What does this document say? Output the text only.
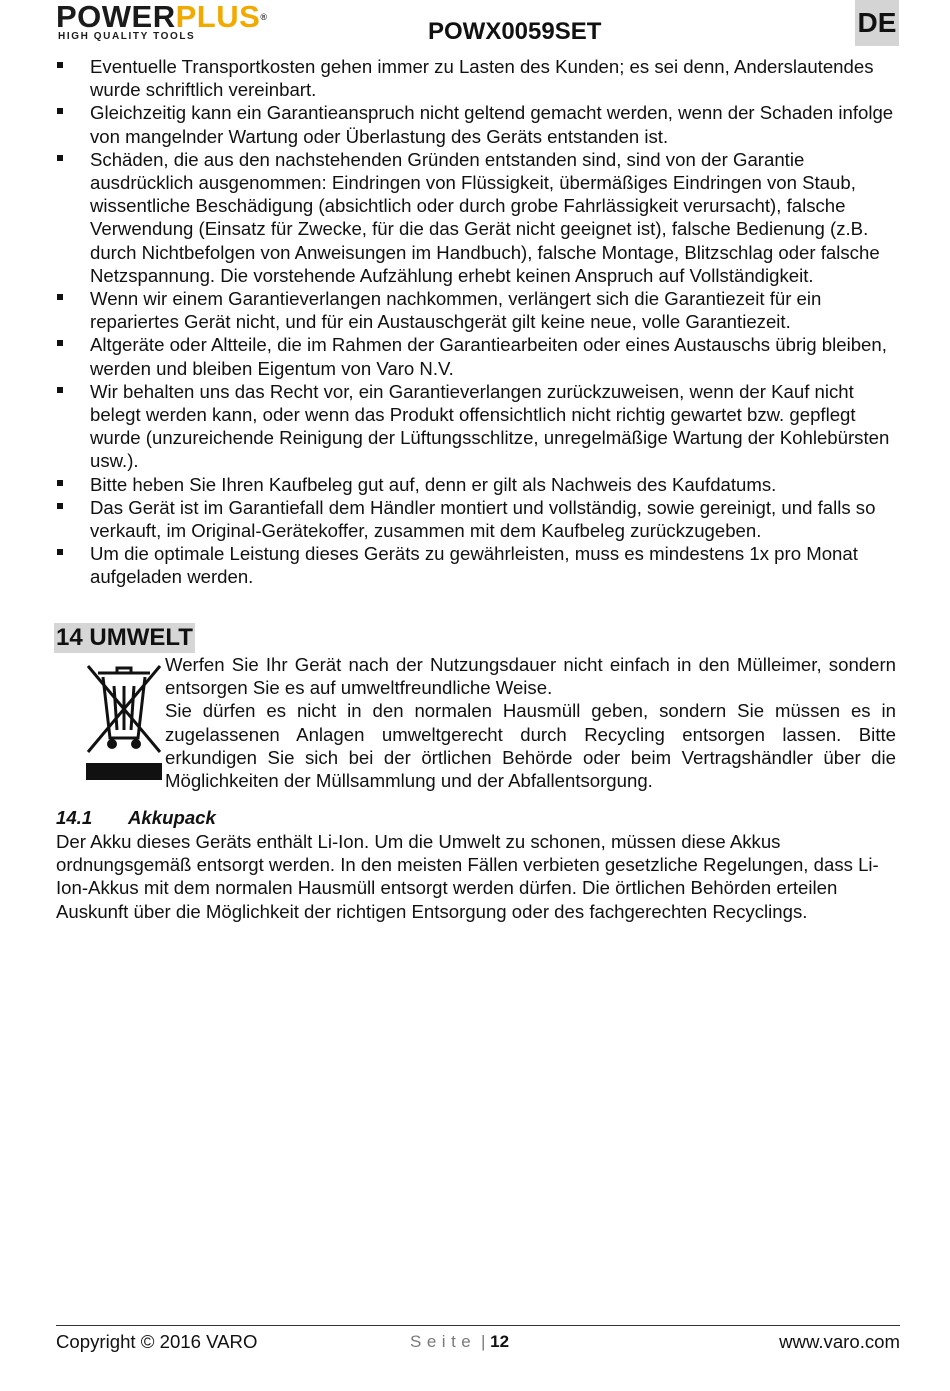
POWERPLUS®
HIGH QUALITY TOOLS	POWX0059SET	DE
Eventuelle Transportkosten gehen immer zu Lasten des Kunden; es sei denn, Anderslautendes wurde schriftlich vereinbart.
Gleichzeitig kann ein Garantieanspruch nicht geltend gemacht werden, wenn der Schaden infolge von mangelnder Wartung oder Überlastung des Geräts entstanden ist.
Schäden, die aus den nachstehenden Gründen entstanden sind, sind von der Garantie ausdrücklich ausgenommen: Eindringen von Flüssigkeit, übermäßiges Eindringen von Staub, wissentliche Beschädigung (absichtlich oder durch grobe Fahrlässigkeit verursacht), falsche Verwendung (Einsatz für Zwecke, für die das Gerät nicht geeignet ist), falsche Bedienung (z.B. durch Nichtbefolgen von Anweisungen im Handbuch), falsche Montage, Blitzschlag oder falsche Netzspannung. Die vorstehende Aufzählung erhebt keinen Anspruch auf Vollständigkeit.
Wenn wir einem Garantieverlangen nachkommen, verlängert sich die Garantiezeit für ein repariertes Gerät nicht, und für ein Austauschgerät gilt keine neue, volle Garantiezeit.
Altgeräte oder Altteile, die im Rahmen der Garantiearbeiten oder eines Austauschs übrig bleiben, werden und bleiben Eigentum von Varo N.V.
Wir behalten uns das Recht vor, ein Garantieverlangen zurückzuweisen, wenn der Kauf nicht belegt werden kann, oder wenn das Produkt offensichtlich nicht richtig gewartet bzw. gepflegt wurde (unzureichende Reinigung der Lüftungsschlitze, unregelmäßige Wartung der Kohlebürsten usw.).
Bitte heben Sie Ihren Kaufbeleg gut auf, denn er gilt als Nachweis des Kaufdatums.
Das Gerät ist im Garantiefall dem Händler montiert und vollständig, sowie gereinigt, und falls so verkauft, im Original-Gerätekoffer, zusammen mit dem Kaufbeleg zurückzugeben.
Um die optimale Leistung dieses Geräts zu gewährleisten, muss es mindestens 1x pro Monat aufgeladen werden.
14 UMWELT

Werfen Sie Ihr Gerät nach der Nutzungsdauer nicht einfach in den Mülleimer, sondern entsorgen Sie es auf umweltfreundliche Weise.

Sie dürfen es nicht in den normalen Hausmüll geben, sondern Sie müssen es in zugelassenen Anlagen umweltgerecht durch Recycling entsorgen lassen. Bitte erkundigen Sie sich bei der örtlichen Behörde oder beim Vertragshändler über die Möglichkeiten der Müllsammlung und der Abfallentsorgung.

14.1 Akkupack
Der Akku dieses Geräts enthält Li-Ion. Um die Umwelt zu schonen, müssen diese Akkus ordnungsgemäß entsorgt werden. In den meisten Fällen verbieten gesetzliche Regelungen, dass Li-Ion-Akkus mit dem normalen Hausmüll entsorgt werden dürfen. Die örtlichen Behörden erteilen Auskunft über die Möglichkeit der richtigen Entsorgung oder des fachgerechten Recyclings.
Copyright © 2016 VARO	Seite | 12	www.varo.com
